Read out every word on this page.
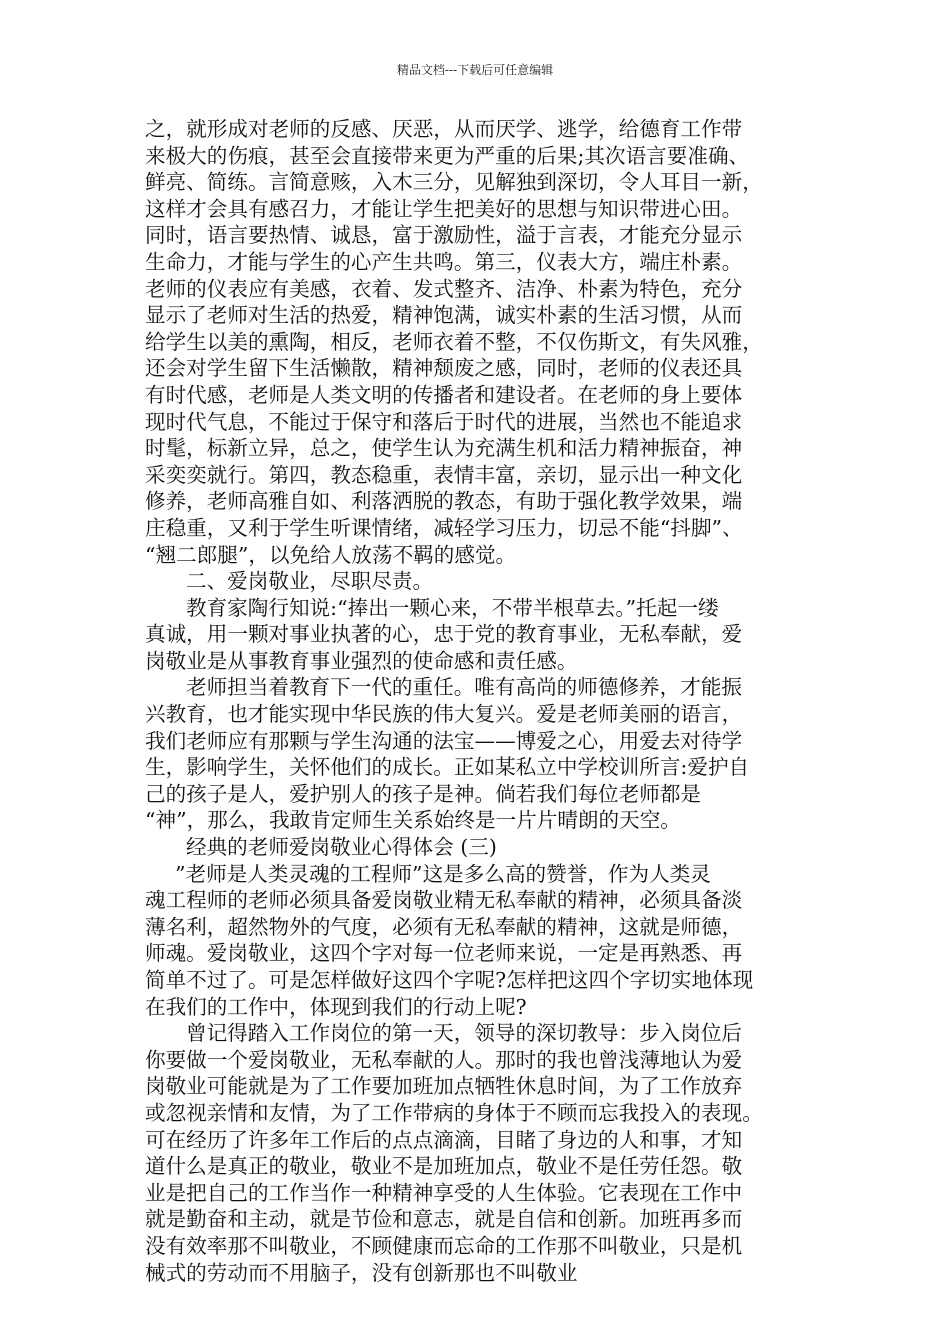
精品文档---下载后可任意编辑
之，就形成对老师的反感、厌恶，从而厌学、逃学，给德育工作带
来极大的伤痕，甚至会直接带来更为严重的后果;其次语言要准确、
鲜亮、简练。言简意赅，入木三分，见解独到深切，令人耳目一新，
这样才会具有感召力，才能让学生把美好的思想与知识带进心田。
同时，语言要热情、诚恳，富于激励性，溢于言表，才能充分显示
生命力，才能与学生的心产生共鸣。第三，仪表大方，端庄朴素。
老师的仪表应有美感，衣着、发式整齐、洁净、朴素为特色，充分
显示了老师对生活的热爱，精神饱满，诚实朴素的生活习惯，从而
给学生以美的熏陶，相反，老师衣着不整，不仅伤斯文，有失风雅，
还会对学生留下生活懒散，精神颓废之感，同时，老师的仪表还具
有时代感，老师是人类文明的传播者和建设者。在老师的身上要体
现时代气息，不能过于保守和落后于时代的进展，当然也不能追求
时髦，标新立异，总之，使学生认为充满生机和活力精神振奋，神
采奕奕就行。第四，教态稳重，表情丰富，亲切，显示出一种文化
修养，老师高雅自如、利落洒脱的教态，有助于强化教学效果，端
庄稳重，又利于学生听课情绪，减轻学习压力，切忌不能“抖脚”、
“翘二郎腿”，以免给人放荡不羁的感觉。
二、爱岗敬业，尽职尽责。
教育家陶行知说:“捧出一颗心来，不带半根草去。”托起一缕
真诚，用一颗对事业执著的心，忠于党的教育事业，无私奉献，爱
岗敬业是从事教育事业强烈的使命感和责任感。
老师担当着教育下一代的重任。唯有高尚的师德修养，才能振
兴教育，也才能实现中华民族的伟大复兴。爱是老师美丽的语言，
我们老师应有那颗与学生沟通的法宝——博爱之心，用爱去对待学
生，影响学生，关怀他们的成长。正如某私立中学校训所言:爱护自
己的孩子是人，爱护别人的孩子是神。倘若我们每位老师都是
“神”，那么，我敢肯定师生关系始终是一片片晴朗的天空。
经典的老师爱岗敬业心得体会 (三)
”老师是人类灵魂的工程师”这是多么高的赞誉，作为人类灵
魂工程师的老师必须具备爱岗敬业精无私奉献的精神，必须具备淡
薄名利，超然物外的气度，必须有无私奉献的精神，这就是师德，
师魂。爱岗敬业，这四个字对每一位老师来说，一定是再熟悉、再
简单不过了。可是怎样做好这四个字呢?怎样把这四个字切实地体现
在我们的工作中，体现到我们的行动上呢?
曾记得踏入工作岗位的第一天，领导的深切教导：步入岗位后
你要做一个爱岗敬业，无私奉献的人。那时的我也曾浅薄地认为爱
岗敬业可能就是为了工作要加班加点牺牲休息时间，为了工作放弃
或忽视亲情和友情，为了工作带病的身体于不顾而忘我投入的表现。
可在经历了许多年工作后的点点滴滴，目睹了身边的人和事，才知
道什么是真正的敬业，敬业不是加班加点，敬业不是任劳任怨。敬
业是把自己的工作当作一种精神享受的人生体验。它表现在工作中
就是勤奋和主动，就是节俭和意志，就是自信和创新。加班再多而
没有效率那不叫敬业，不顾健康而忘命的工作那不叫敬业，只是机
械式的劳动而不用脑子，没有创新那也不叫敬业
